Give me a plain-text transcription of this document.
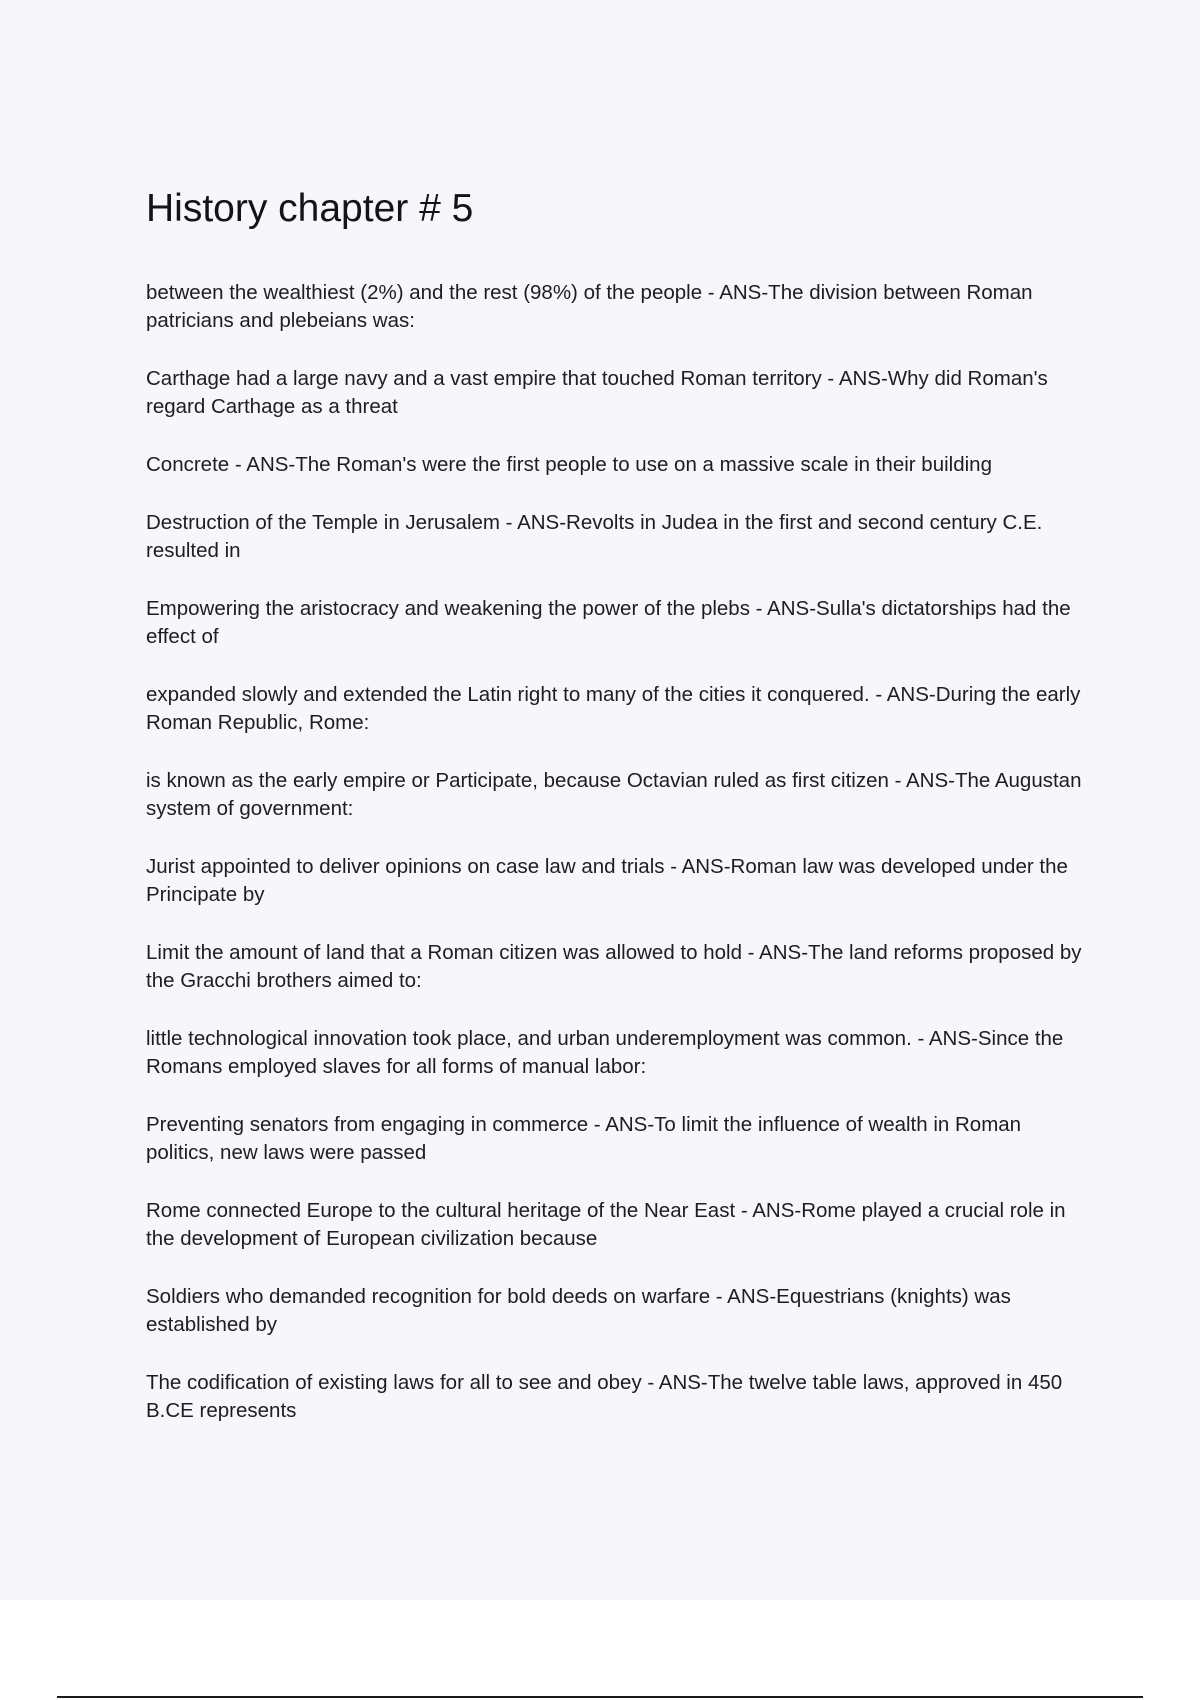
History chapter # 5

between the wealthiest (2%) and the rest (98%) of the people - ANS-The division between Roman patricians and plebeians was:

Carthage had a large navy and a vast empire that touched Roman territory - ANS-Why did Roman's regard Carthage as a threat

Concrete - ANS-The Roman's were the first people to use on a massive scale in their building

Destruction of the Temple in Jerusalem - ANS-Revolts in Judea in the first and second century C.E. resulted in

Empowering the aristocracy and weakening the power of the plebs - ANS-Sulla's dictatorships had the effect of

expanded slowly and extended the Latin right to many of the cities it conquered. - ANS-During the early Roman Republic, Rome:

is known as the early empire or Participate, because Octavian ruled as first citizen - ANS-The Augustan system of government:

Jurist appointed to deliver opinions on case law and trials - ANS-Roman law was developed under the Principate by

Limit the amount of land that a Roman citizen was allowed to hold - ANS-The land reforms proposed by the Gracchi brothers aimed to:

little technological innovation took place, and urban underemployment was common. - ANS-Since the Romans employed slaves for all forms of manual labor:

Preventing senators from engaging in commerce - ANS-To limit the influence of wealth in Roman politics, new laws were passed

Rome connected Europe to the cultural heritage of the Near East - ANS-Rome played a crucial role in the development of European civilization because

Soldiers who demanded recognition for bold deeds on warfare - ANS-Equestrians (knights) was established by

The codification of existing laws for all to see and obey - ANS-The twelve table laws, approved in 450 B.CE represents
